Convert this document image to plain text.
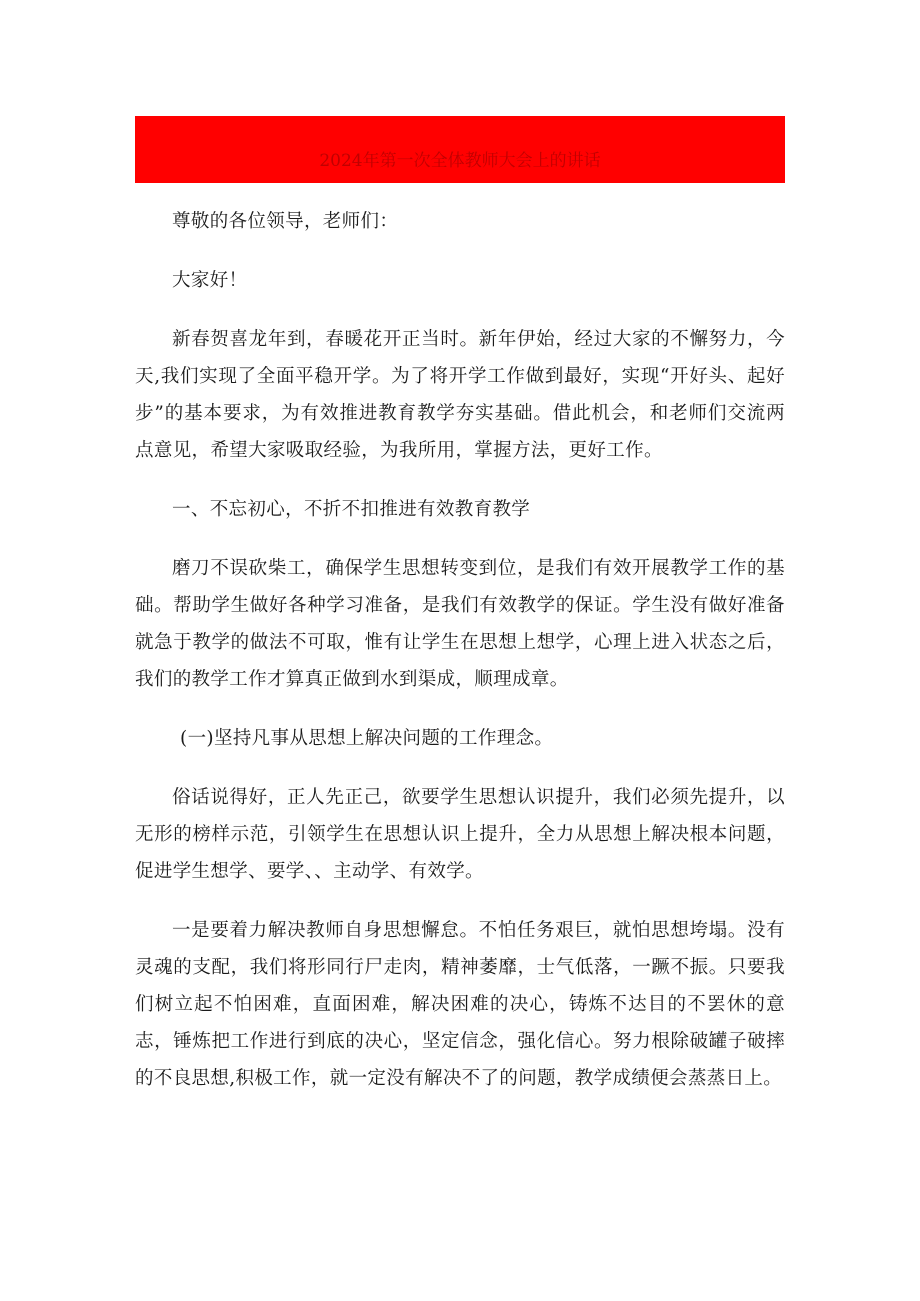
2024年第一次全体教师大会上的讲话

尊敬的各位领导，老师们：

大家好！

新春贺喜龙年到，春暖花开正当时。新年伊始，经过大家的不懈努力，今天,我们实现了全面平稳开学。为了将开学工作做到最好，实现“开好头、起好步”的基本要求，为有效推进教育教学夯实基础。借此机会，和老师们交流两点意见，希望大家吸取经验，为我所用，掌握方法，更好工作。

一、不忘初心，不折不扣推进有效教育教学

磨刀不误砍柴工，确保学生思想转变到位，是我们有效开展教学工作的基础。帮助学生做好各种学习准备，是我们有效教学的保证。学生没有做好准备就急于教学的做法不可取，惟有让学生在思想上想学，心理上进入状态之后，我们的教学工作才算真正做到水到渠成，顺理成章。

(一)坚持凡事从思想上解决问题的工作理念。

俗话说得好，正人先正己，欲要学生思想认识提升，我们必须先提升，以无形的榜样示范，引领学生在思想认识上提升，全力从思想上解决根本问题，促进学生想学、要学、、主动学、有效学。

一是要着力解决教师自身思想懈怠。不怕任务艰巨，就怕思想垮塌。没有灵魂的支配，我们将形同行尸走肉，精神萎靡，士气低落，一蹶不振。只要我们树立起不怕困难，直面困难，解决困难的决心，铸炼不达目的不罢休的意志，锤炼把工作进行到底的决心，坚定信念，强化信心。努力根除破罐子破摔的不良思想,积极工作，就一定没有解决不了的问题，教学成绩便会蒸蒸日上。
